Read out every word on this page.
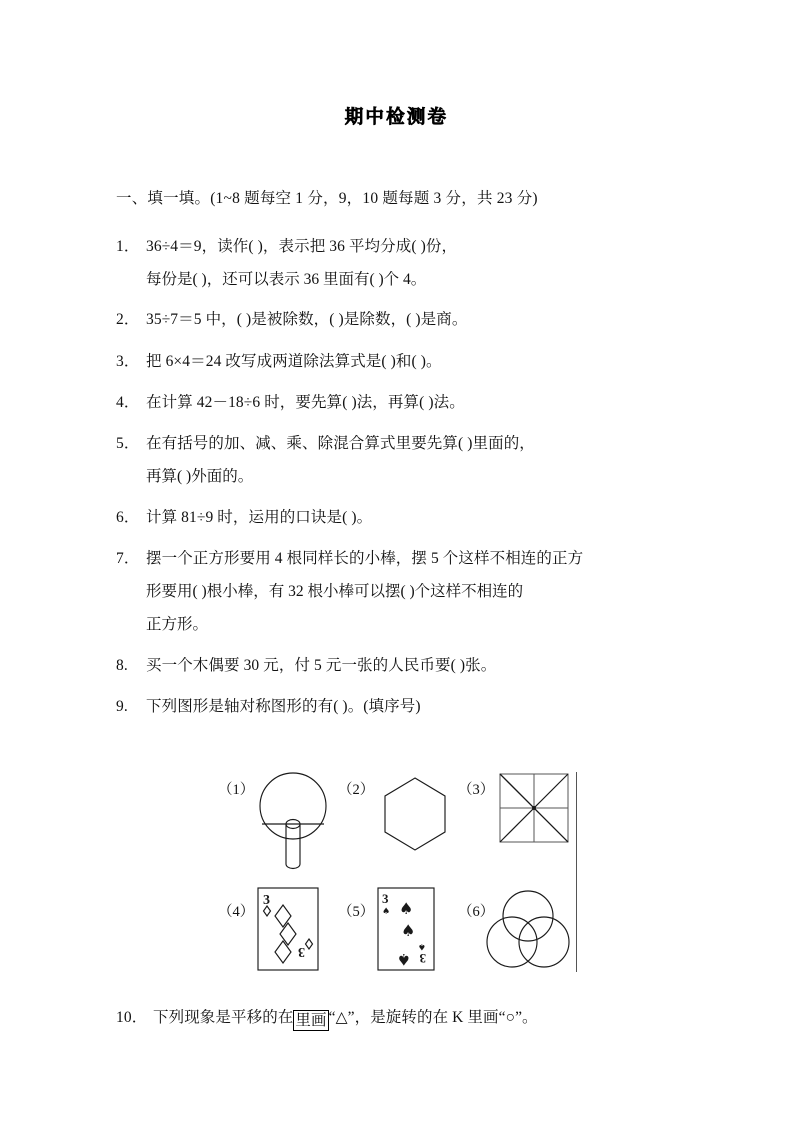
期中检测卷
一、填一填。(1~8 题每空 1 分，9，10 题每题 3 分，共 23 分)
1． 36÷4＝9，读作( )，表示把 36 平均分成( )份，
每份是( )，还可以表示 36 里面有( )个 4。
2． 35÷7＝5 中，( )是被除数，( )是除数，( )是商。
3． 把 6×4＝24 改写成两道除法算式是( )和( )。
4． 在计算 42－18÷6 时，要先算( )法，再算( )法。
5． 在有括号的加、减、乘、除混合算式里要先算( )里面的，
再算( )外面的。
6． 计算 81÷9 时，运用的口诀是( )。
7． 摆一个正方形要用 4 根同样长的小棒，摆 5 个这样不相连的正方
形要用( )根小棒，有 32 根小棒可以摆( )个这样不相连的
正方形。
8. 买一个木偶要 30 元，付 5 元一张的人民币要( )张。
9. 下列图形是轴对称图形的有( )。(填序号)
（1）	（2）	（3）
（4）
3
3
（5）
3
♠ ♠
♠
♠
♠
3
（6）
10． 下列现象是平移的在 里画 “△”，是旋转的在 K 里画“○”。
